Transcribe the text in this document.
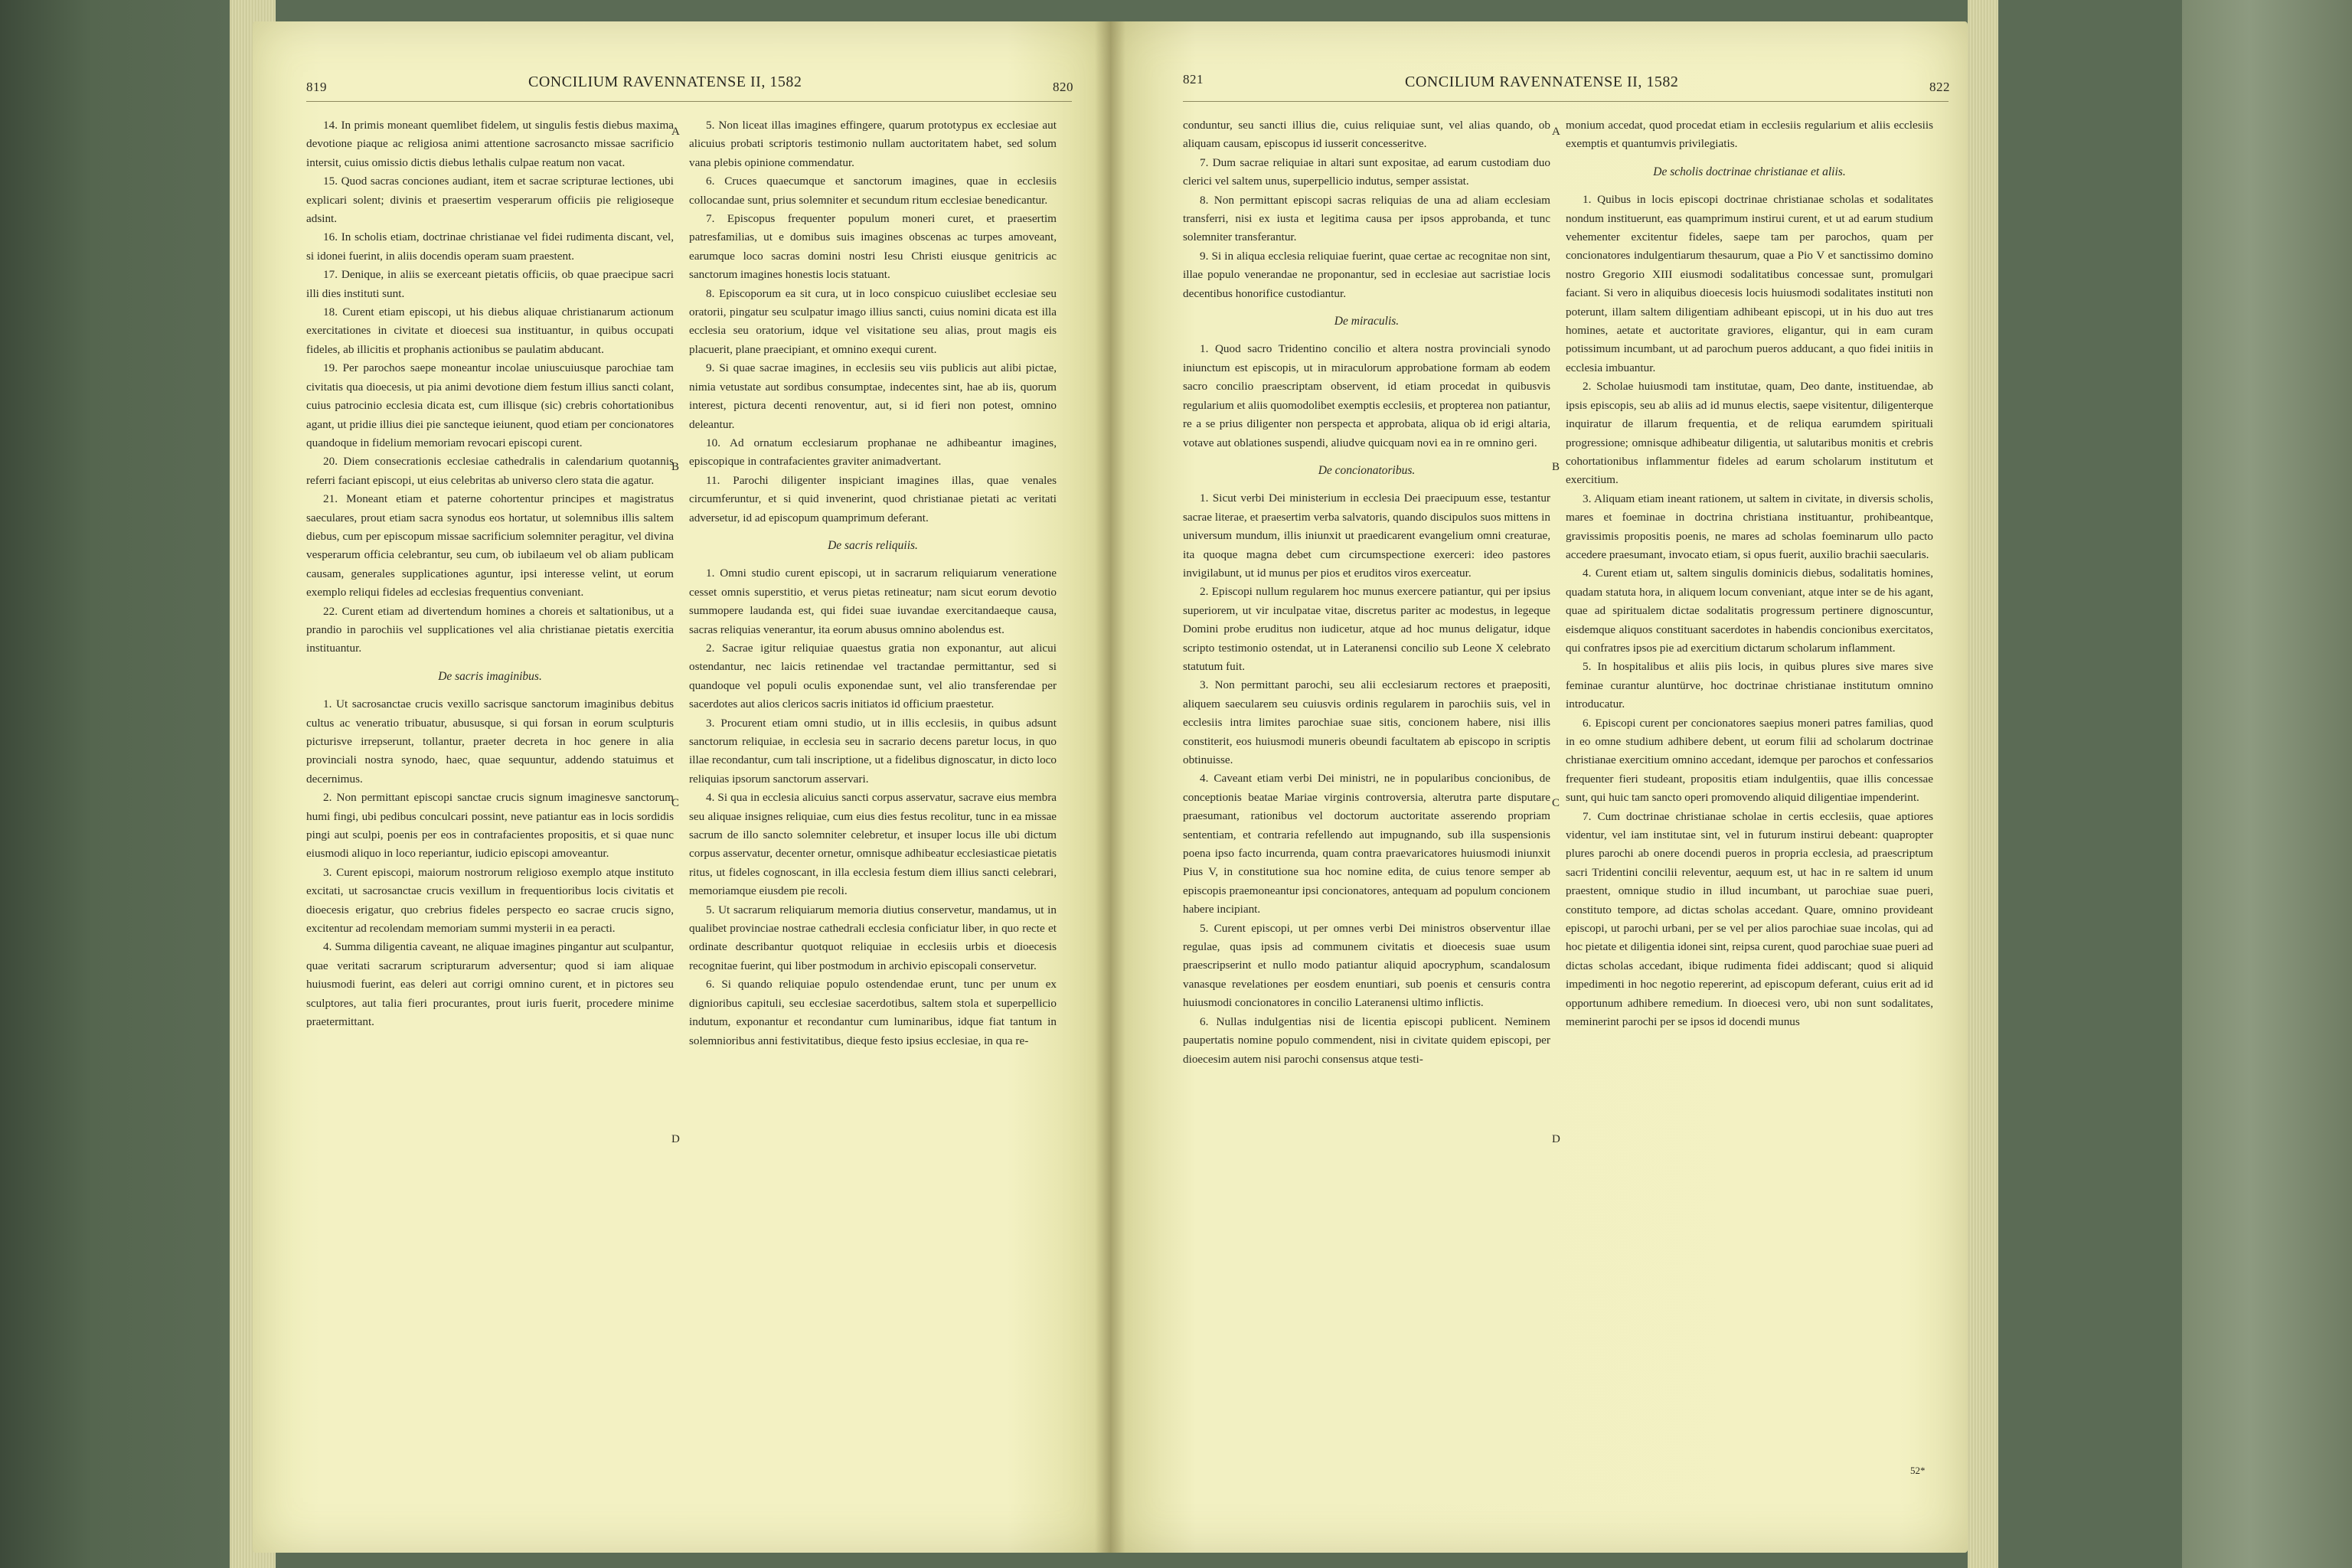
819	CONCILIUM RAVENNATENSE II, 1582	820

14. In primis moneant quemlibet fidelem, ut singulis festis diebus maxima devotione piaque ac religiosa animi attentione sacrosancto missae sacrificio intersit, cuius omissio dictis diebus lethalis culpae reatum non vacat.

15. Quod sacras conciones audiant, item et sacrae scripturae lectiones, ubi explicari solent; divinis et praesertim vesperarum officiis pie religioseque adsint.

16. In scholis etiam, doctrinae christianae vel fidei rudimenta discant, vel, si idonei fuerint, in aliis docendis operam suam praestent.

17. Denique, in aliis se exerceant pietatis officiis, ob quae praecipue sacri illi dies instituti sunt.

18. Curent etiam episcopi, ut his diebus aliquae christianarum actionum exercitationes in civitate et dioecesi sua instituantur, in quibus occupati fideles, ab illicitis et prophanis actionibus se paulatim abducant.

19. Per parochos saepe moneantur incolae uniuscuiusque parochiae tam civitatis qua dioecesis, ut pia animi devotione diem festum illius sancti colant, cuius patrocinio ecclesia dicata est, cum illisque (sic) crebris cohortationibus agant, ut pridie illius diei pie sancteque ieiunent, quod etiam per concionatores quandoque in fidelium memoriam revocari episcopi curent.

20. Diem consecrationis ecclesiae cathedralis in calendarium quotannis referri faciant episcopi, ut eius celebritas ab universo clero stata die agatur.

21. Moneant etiam et paterne cohortentur principes et magistratus saeculares, prout etiam sacra synodus eos hortatur, ut solemnibus illis saltem diebus, cum per episcopum missae sacrificium solemniter peragitur, vel divina vesperarum officia celebrantur, seu cum, ob iubilaeum vel ob aliam publicam causam, generales supplicationes aguntur, ipsi interesse velint, ut eorum exemplo reliqui fideles ad ecclesias frequentius conveniant.

22. Curent etiam ad divertendum homines a choreis et saltationibus, ut a prandio in parochiis vel supplicationes vel alia christianae pietatis exercitia instituantur.

De sacris imaginibus.

1. Ut sacrosanctae crucis vexillo sacrisque sanctorum imaginibus debitus cultus ac veneratio tribuatur, abususque, si qui forsan in eorum sculpturis picturisve irrepserunt, tollantur, praeter decreta in hoc genere in alia provinciali nostra synodo, haec, quae sequuntur, addendo statuimus et decernimus.

2. Non permittant episcopi sanctae crucis signum imaginesve sanctorum humi fingi, ubi pedibus conculcari possint, neve patiantur eas in locis sordidis pingi aut sculpi, poenis per eos in contrafacientes propositis, et si quae nunc eiusmodi aliquo in loco reperiantur, iudicio episcopi amoveantur.

3. Curent episcopi, maiorum nostrorum religioso exemplo atque instituto excitati, ut sacrosanctae crucis vexillum in frequentioribus locis civitatis et dioecesis erigatur, quo crebrius fideles perspecto eo sacrae crucis signo, excitentur ad recolendam memoriam summi mysterii in ea peracti.

4. Summa diligentia caveant, ne aliquae imagines pingantur aut sculpantur, quae veritati sacrarum scripturarum adversentur; quod si iam aliquae huiusmodi fuerint, eas deleri aut corrigi omnino curent, et in pictores seu sculptores, aut talia fieri procurantes, prout iuris fuerit, procedere minime praetermittant.

5. Non liceat illas imagines effingere, quarum prototypus ex ecclesiae aut alicuius probati scriptoris testimonio nullam auctoritatem habet, sed solum vana plebis opinione commendatur.

6. Cruces quaecumque et sanctorum imagines, quae in ecclesiis collocandae sunt, prius solemniter et secundum ritum ecclesiae benedicantur.

7. Episcopus frequenter populum moneri curet, et praesertim patresfamilias, ut e domibus suis imagines obscenas ac turpes amoveant, earumque loco sacras domini nostri Iesu Christi eiusque genitricis ac sanctorum imagines honestis locis statuant.

8. Episcoporum ea sit cura, ut in loco conspicuo cuiuslibet ecclesiae seu oratorii, pingatur seu sculpatur imago illius sancti, cuius nomini dicata est illa ecclesia seu oratorium, idque vel visitatione seu alias, prout magis eis placuerit, plane praecipiant, et omnino exequi curent.

9. Si quae sacrae imagines, in ecclesiis seu viis publicis aut alibi pictae, nimia vetustate aut sordibus consumptae, indecentes sint, hae ab iis, quorum interest, pictura decenti renoventur, aut, si id fieri non potest, omnino deleantur.

10. Ad ornatum ecclesiarum prophanae ne adhibeantur imagines, episcopique in contrafacientes graviter animadvertant.

11. Parochi diligenter inspiciant imagines illas, quae venales circumferuntur, et si quid invenerint, quod christianae pietati ac veritati adversetur, id ad episcopum quamprimum deferant.

De sacris reliquiis.

1. Omni studio curent episcopi, ut in sacrarum reliquiarum veneratione cesset omnis superstitio, et verus pietas retineatur; nam sicut eorum devotio summopere laudanda est, qui fidei suae iuvandae exercitandaeque causa, sacras reliquias venerantur, ita eorum abusus omnino abolendus est.

2. Sacrae igitur reliquiae quaestus gratia non exponantur, aut alicui ostendantur, nec laicis retinendae vel tractandae permittantur, sed si quandoque vel populi oculis exponendae sunt, vel alio transferendae per sacerdotes aut alios clericos sacris initiatos id officium praestetur.

3. Procurent etiam omni studio, ut in illis ecclesiis, in quibus adsunt sanctorum reliquiae, in ecclesia seu in sacrario decens paretur locus, in quo illae recondantur, cum tali inscriptione, ut a fidelibus dignoscatur, in dicto loco reliquias ipsorum sanctorum asservari.

4. Si qua in ecclesia alicuius sancti corpus asservatur, sacrave eius membra seu aliquae insignes reliquiae, cum eius dies festus recolitur, tunc in ea missae sacrum de illo sancto solemniter celebretur, et insuper locus ille ubi dictum corpus asservatur, decenter ornetur, omnisque adhibeatur ecclesiasticae pietatis ritus, ut fideles cognoscant, in illa ecclesia festum diem illius sancti celebrari, memoriamque eiusdem pie recoli.

5. Ut sacrarum reliquiarum memoria diutius conservetur, mandamus, ut in qualibet provinciae nostrae cathedrali ecclesia conficiatur liber, in quo recte et ordinate describantur quotquot reliquiae in ecclesiis urbis et dioecesis recognitae fuerint, qui liber postmodum in archivio episcopali conservetur.

6. Si quando reliquiae populo ostendendae erunt, tunc per unum ex dignioribus capituli, seu ecclesiae sacerdotibus, saltem stola et superpellicio indutum, exponantur et recondantur cum luminaribus, idque fiat tantum in solemnioribus anni festivitatibus, dieque festo ipsius ecclesiae, in qua re-

A
B
C
D
821	CONCILIUM RAVENNATENSE II, 1582	822

conduntur, seu sancti illius die, cuius reliquiae sunt, vel alias quando, ob aliquam causam, episcopus id iusserit concesseritve.

7. Dum sacrae reliquiae in altari sunt expositae, ad earum custodiam duo clerici vel saltem unus, superpellicio indutus, semper assistat.

8. Non permittant episcopi sacras reliquias de una ad aliam ecclesiam transferri, nisi ex iusta et legitima causa per ipsos approbanda, et tunc solemniter transferantur.

9. Si in aliqua ecclesia reliquiae fuerint, quae certae ac recognitae non sint, illae populo venerandae ne proponantur, sed in ecclesiae aut sacristiae locis decentibus honorifice custodiantur.

De miraculis.

1. Quod sacro Tridentino concilio et altera nostra provinciali synodo iniunctum est episcopis, ut in miraculorum approbatione formam ab eodem sacro concilio praescriptam observent, id etiam procedat in quibusvis regularium et aliis quomodolibet exemptis ecclesiis, et propterea non patiantur, re a se prius diligenter non perspecta et approbata, aliqua ob id erigi altaria, votave aut oblationes suspendi, aliudve quicquam novi ea in re omnino geri.

De concionatoribus.

1. Sicut verbi Dei ministerium in ecclesia Dei praecipuum esse, testantur sacrae literae, et praesertim verba salvatoris, quando discipulos suos mittens in universum mundum, illis iniunxit ut praedicarent evangelium omni creaturae, ita quoque magna debet cum circumspectione exerceri: ideo pastores invigilabunt, ut id munus per pios et eruditos viros exerceatur.

2. Episcopi nullum regularem hoc munus exercere patiantur, qui per ipsius superiorem, ut vir inculpatae vitae, discretus pariter ac modestus, in legeque Domini probe eruditus non iudicetur, atque ad hoc munus deligatur, idque scripto testimonio ostendat, ut in Lateranensi concilio sub Leone X celebrato statutum fuit.

3. Non permittant parochi, seu alii ecclesiarum rectores et praepositi, aliquem saecularem seu cuiusvis ordinis regularem in parochiis suis, vel in ecclesiis intra limites parochiae suae sitis, concionem habere, nisi illis constiterit, eos huiusmodi muneris obeundi facultatem ab episcopo in scriptis obtinuisse.

4. Caveant etiam verbi Dei ministri, ne in popularibus concionibus, de conceptionis beatae Mariae virginis controversia, alterutra parte disputare praesumant, rationibus vel doctorum auctoritate asserendo propriam sententiam, et contraria refellendo aut impugnando, sub illa suspensionis poena ipso facto incurrenda, quam contra praevaricatores huiusmodi iniunxit Pius V, in constitutione sua hoc nomine edita, de cuius tenore semper ab episcopis praemoneantur ipsi concionatores, antequam ad populum concionem habere incipiant.

5. Curent episcopi, ut per omnes verbi Dei ministros observentur illae regulae, quas ipsis ad communem civitatis et dioecesis suae usum praescripserint et nullo modo patiantur aliquid apocryphum, scandalosum vanasque revelationes per eosdem enuntiari, sub poenis et censuris contra huiusmodi concionatores in concilio Lateranensi ultimo inflictis.

6. Nullas indulgentias nisi de licentia episcopi publicent. Neminem paupertatis nomine populo commendent, nisi in civitate quidem episcopi, per dioecesim autem nisi parochi consensus atque testi-

monium accedat, quod procedat etiam in ecclesiis regularium et aliis ecclesiis exemptis et quantumvis privilegiatis.

De scholis doctrinae christianae et aliis.

1. Quibus in locis episcopi doctrinae christianae scholas et sodalitates nondum instituerunt, eas quamprimum instirui curent, et ut ad earum studium vehementer excitentur fideles, saepe tam per parochos, quam per concionatores indulgentiarum thesaurum, quae a Pio V et sanctissimo domino nostro Gregorio XIII eiusmodi sodalitatibus concessae sunt, promulgari faciant. Si vero in aliquibus dioecesis locis huiusmodi sodalitates instituti non poterunt, illam saltem diligentiam adhibeant episcopi, ut in his duo aut tres homines, aetate et auctoritate graviores, eligantur, qui in eam curam potissimum incumbant, ut ad parochum pueros adducant, a quo fidei initiis in ecclesia imbuantur.

2. Scholae huiusmodi tam institutae, quam, Deo dante, instituendae, ab ipsis episcopis, seu ab aliis ad id munus electis, saepe visitentur, diligenterque inquiratur de illarum frequentia, et de reliqua earumdem spirituali progressione; omnisque adhibeatur diligentia, ut salutaribus monitis et crebris cohortationibus inflammentur fideles ad earum scholarum institutum et exercitium.

3. Aliquam etiam ineant rationem, ut saltem in civitate, in diversis scholis, mares et foeminae in doctrina christiana instituantur, prohibeantque, gravissimis propositis poenis, ne mares ad scholas foeminarum ullo pacto accedere praesumant, invocato etiam, si opus fuerit, auxilio brachii saecularis.

4. Curent etiam ut, saltem singulis dominicis diebus, sodalitatis homines, quadam statuta hora, in aliquem locum conveniant, atque inter se de his agant, quae ad spiritualem dictae sodalitatis progressum pertinere dignoscuntur, eisdemque aliquos constituant sacerdotes in habendis concionibus exercitatos, qui confratres ipsos pie ad exercitium dictarum scholarum inflamment.

5. In hospitalibus et aliis piis locis, in quibus plures sive mares sive feminae curantur aluntürve, hoc doctrinae christianae institutum omnino introducatur.

6. Episcopi curent per concionatores saepius moneri patres familias, quod in eo omne studium adhibere debent, ut eorum filii ad scholarum doctrinae christianae exercitium omnino accedant, idemque per parochos et confessarios frequenter fieri studeant, propositis etiam indulgentiis, quae illis concessae sunt, qui huic tam sancto operi promovendo aliquid diligentiae impenderint.

7. Cum doctrinae christianae scholae in certis ecclesiis, quae aptiores videntur, vel iam institutae sint, vel in futurum instirui debeant: quapropter plures parochi ab onere docendi pueros in propria ecclesia, ad praescriptum sacri Tridentini concilii releventur, aequum est, ut hac in re saltem id unum praestent, omnique studio in illud incumbant, ut parochiae suae pueri, constituto tempore, ad dictas scholas accedant. Quare, omnino provideant episcopi, ut parochi urbani, per se vel per alios parochiae suae incolas, qui ad hoc pietate et diligentia idonei sint, reipsa curent, quod parochiae suae pueri ad dictas scholas accedant, ibique rudimenta fidei addiscant; quod si aliquid impedimenti in hoc negotio repererint, ad episcopum deferant, cuius erit ad id opportunum adhibere remedium. In dioecesi vero, ubi non sunt sodalitates, meminerint parochi per se ipsos id docendi munus

A
B
C
D
52*
